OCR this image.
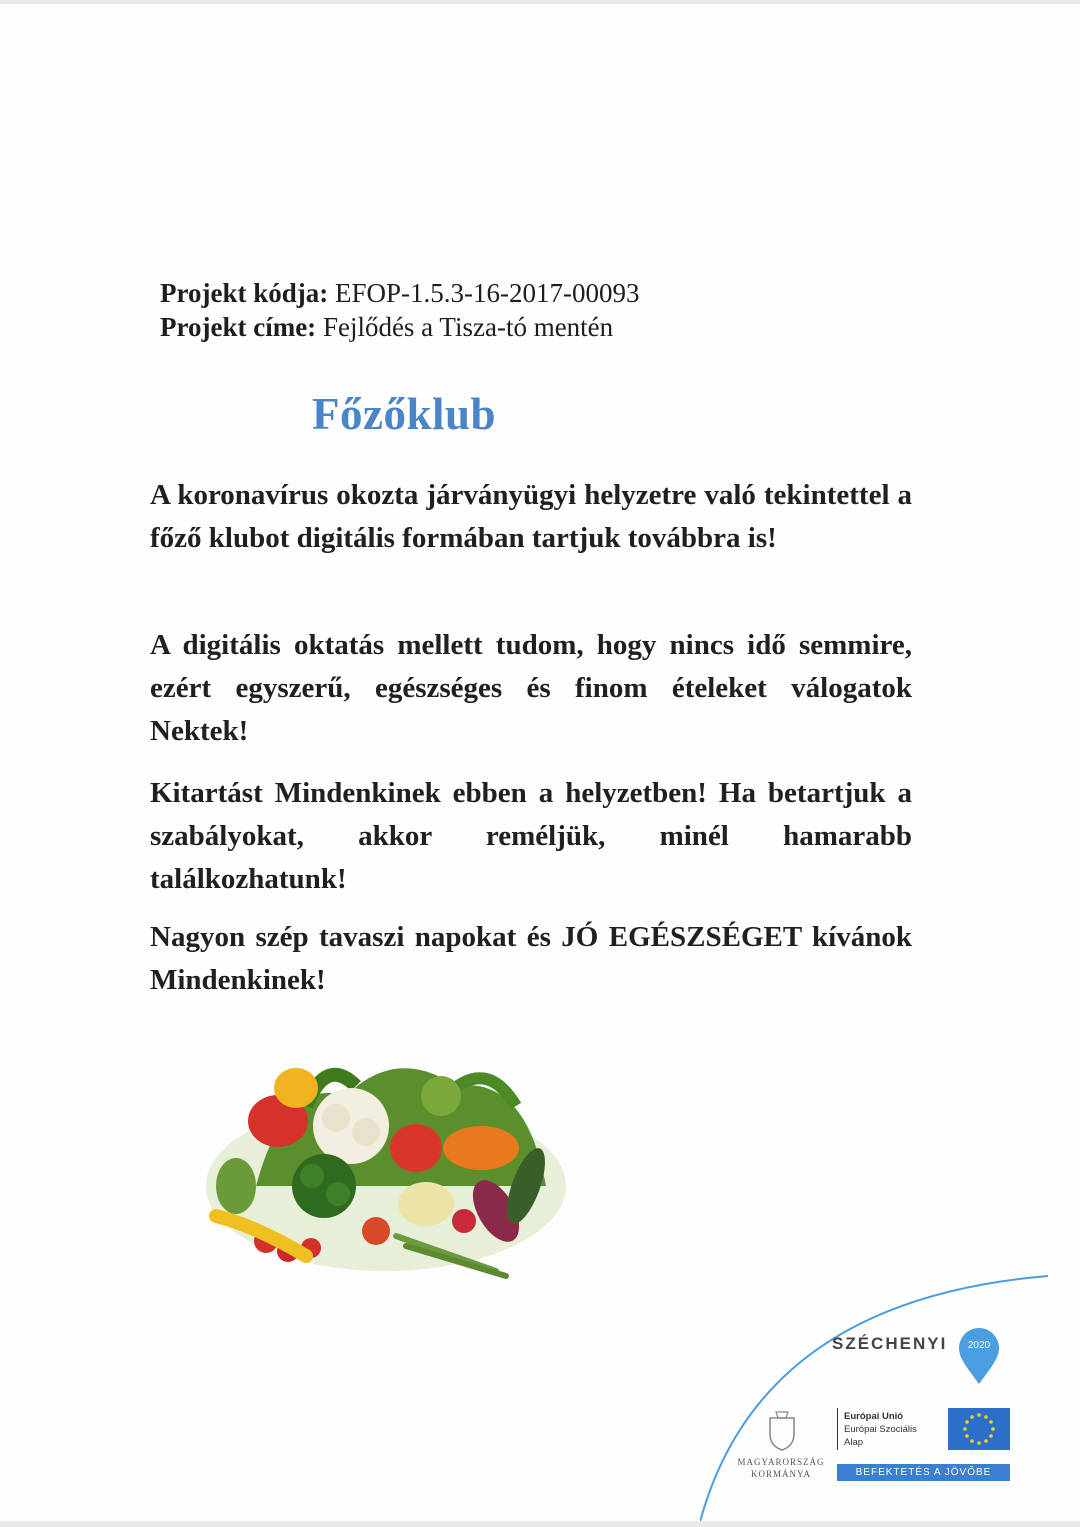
Projekt kódja: EFOP-1.5.3-16-2017-00093
Projekt címe: Fejlődés a Tisza-tó mentén
Főzőklub
A koronavírus okozta járványügyi helyzetre való tekintettel a főző klubot digitális formában tartjuk továbbra is!
A digitális oktatás mellett tudom, hogy nincs idő semmire, ezért egyszerű, egészséges és finom ételeket válogatok Nektek!
Kitartást Mindenkinek ebben a helyzetben! Ha betartjuk a szabályokat, akkor reméljük, minél hamarabb találkozhatunk!
Nagyon szép tavaszi napokat és JÓ EGÉSZSÉGET kívánok Mindenkinek!
SZÉCHENYI	2020
MAGYARORSZÁG
KORMÁNYA
Európai Unió
Európai Szociális
Alap
BEFEKTETÉS A JÖVŐBE
